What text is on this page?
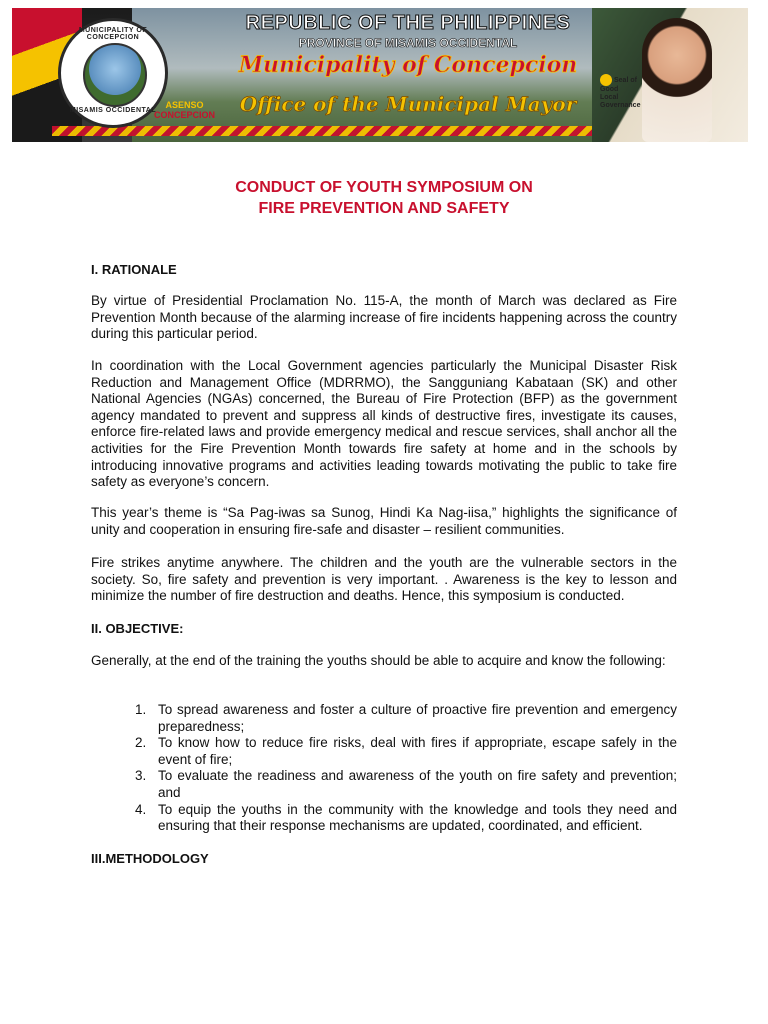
MUNICIPALITY OF CONCEPCION
MISAMIS OCCIDENTAL
ASENSO
CONCEPCION
REPUBLIC OF THE PHILIPPINES
PROVINCE OF MISAMIS OCCIDENTAL
Municipality of Concepcion
Office of the Municipal Mayor
Seal of
Good
Local
Governance
CONDUCT OF YOUTH SYMPOSIUM ON
FIRE PREVENTION AND SAFETY
I. RATIONALE

By virtue of Presidential Proclamation No. 115-A, the month of March was declared as Fire Prevention Month because of the alarming increase of fire incidents happening across the country during this particular period.

In coordination with the Local Government agencies particularly the Municipal Disaster Risk Reduction and Management Office (MDRRMO), the Sangguniang Kabataan (SK) and other National Agencies (NGAs) concerned, the Bureau of Fire Protection (BFP) as the government agency mandated to prevent and suppress all kinds of destructive fires, investigate its causes, enforce fire-related laws and provide emergency medical and rescue services, shall anchor all the activities for the Fire Prevention Month towards fire safety at home and in the schools by introducing innovative programs and activities leading towards motivating the public to take fire safety as everyone’s concern.

This year’s theme is “Sa Pag-iwas sa Sunog, Hindi Ka Nag-iisa,” highlights the significance of unity and cooperation in ensuring fire-safe and disaster – resilient communities.

Fire strikes anytime anywhere. The children and the youth are the vulnerable sectors in the society. So, fire safety and prevention is very important. . Awareness is the key to lesson and minimize the number of fire destruction and deaths. Hence, this symposium is conducted.

II. OBJECTIVE:

Generally, at the end of the training the youths should be able to acquire and know the following:

1. To spread awareness and foster a culture of proactive fire prevention and emergency preparedness;
2. To know how to reduce fire risks, deal with fires if appropriate, escape safely in the event of fire;
3. To evaluate the readiness and awareness of the youth on fire safety and prevention; and
4. To equip the youths in the community with the knowledge and tools they need and ensuring that their response mechanisms are updated, coordinated, and efficient.
III.METHODOLOGY
